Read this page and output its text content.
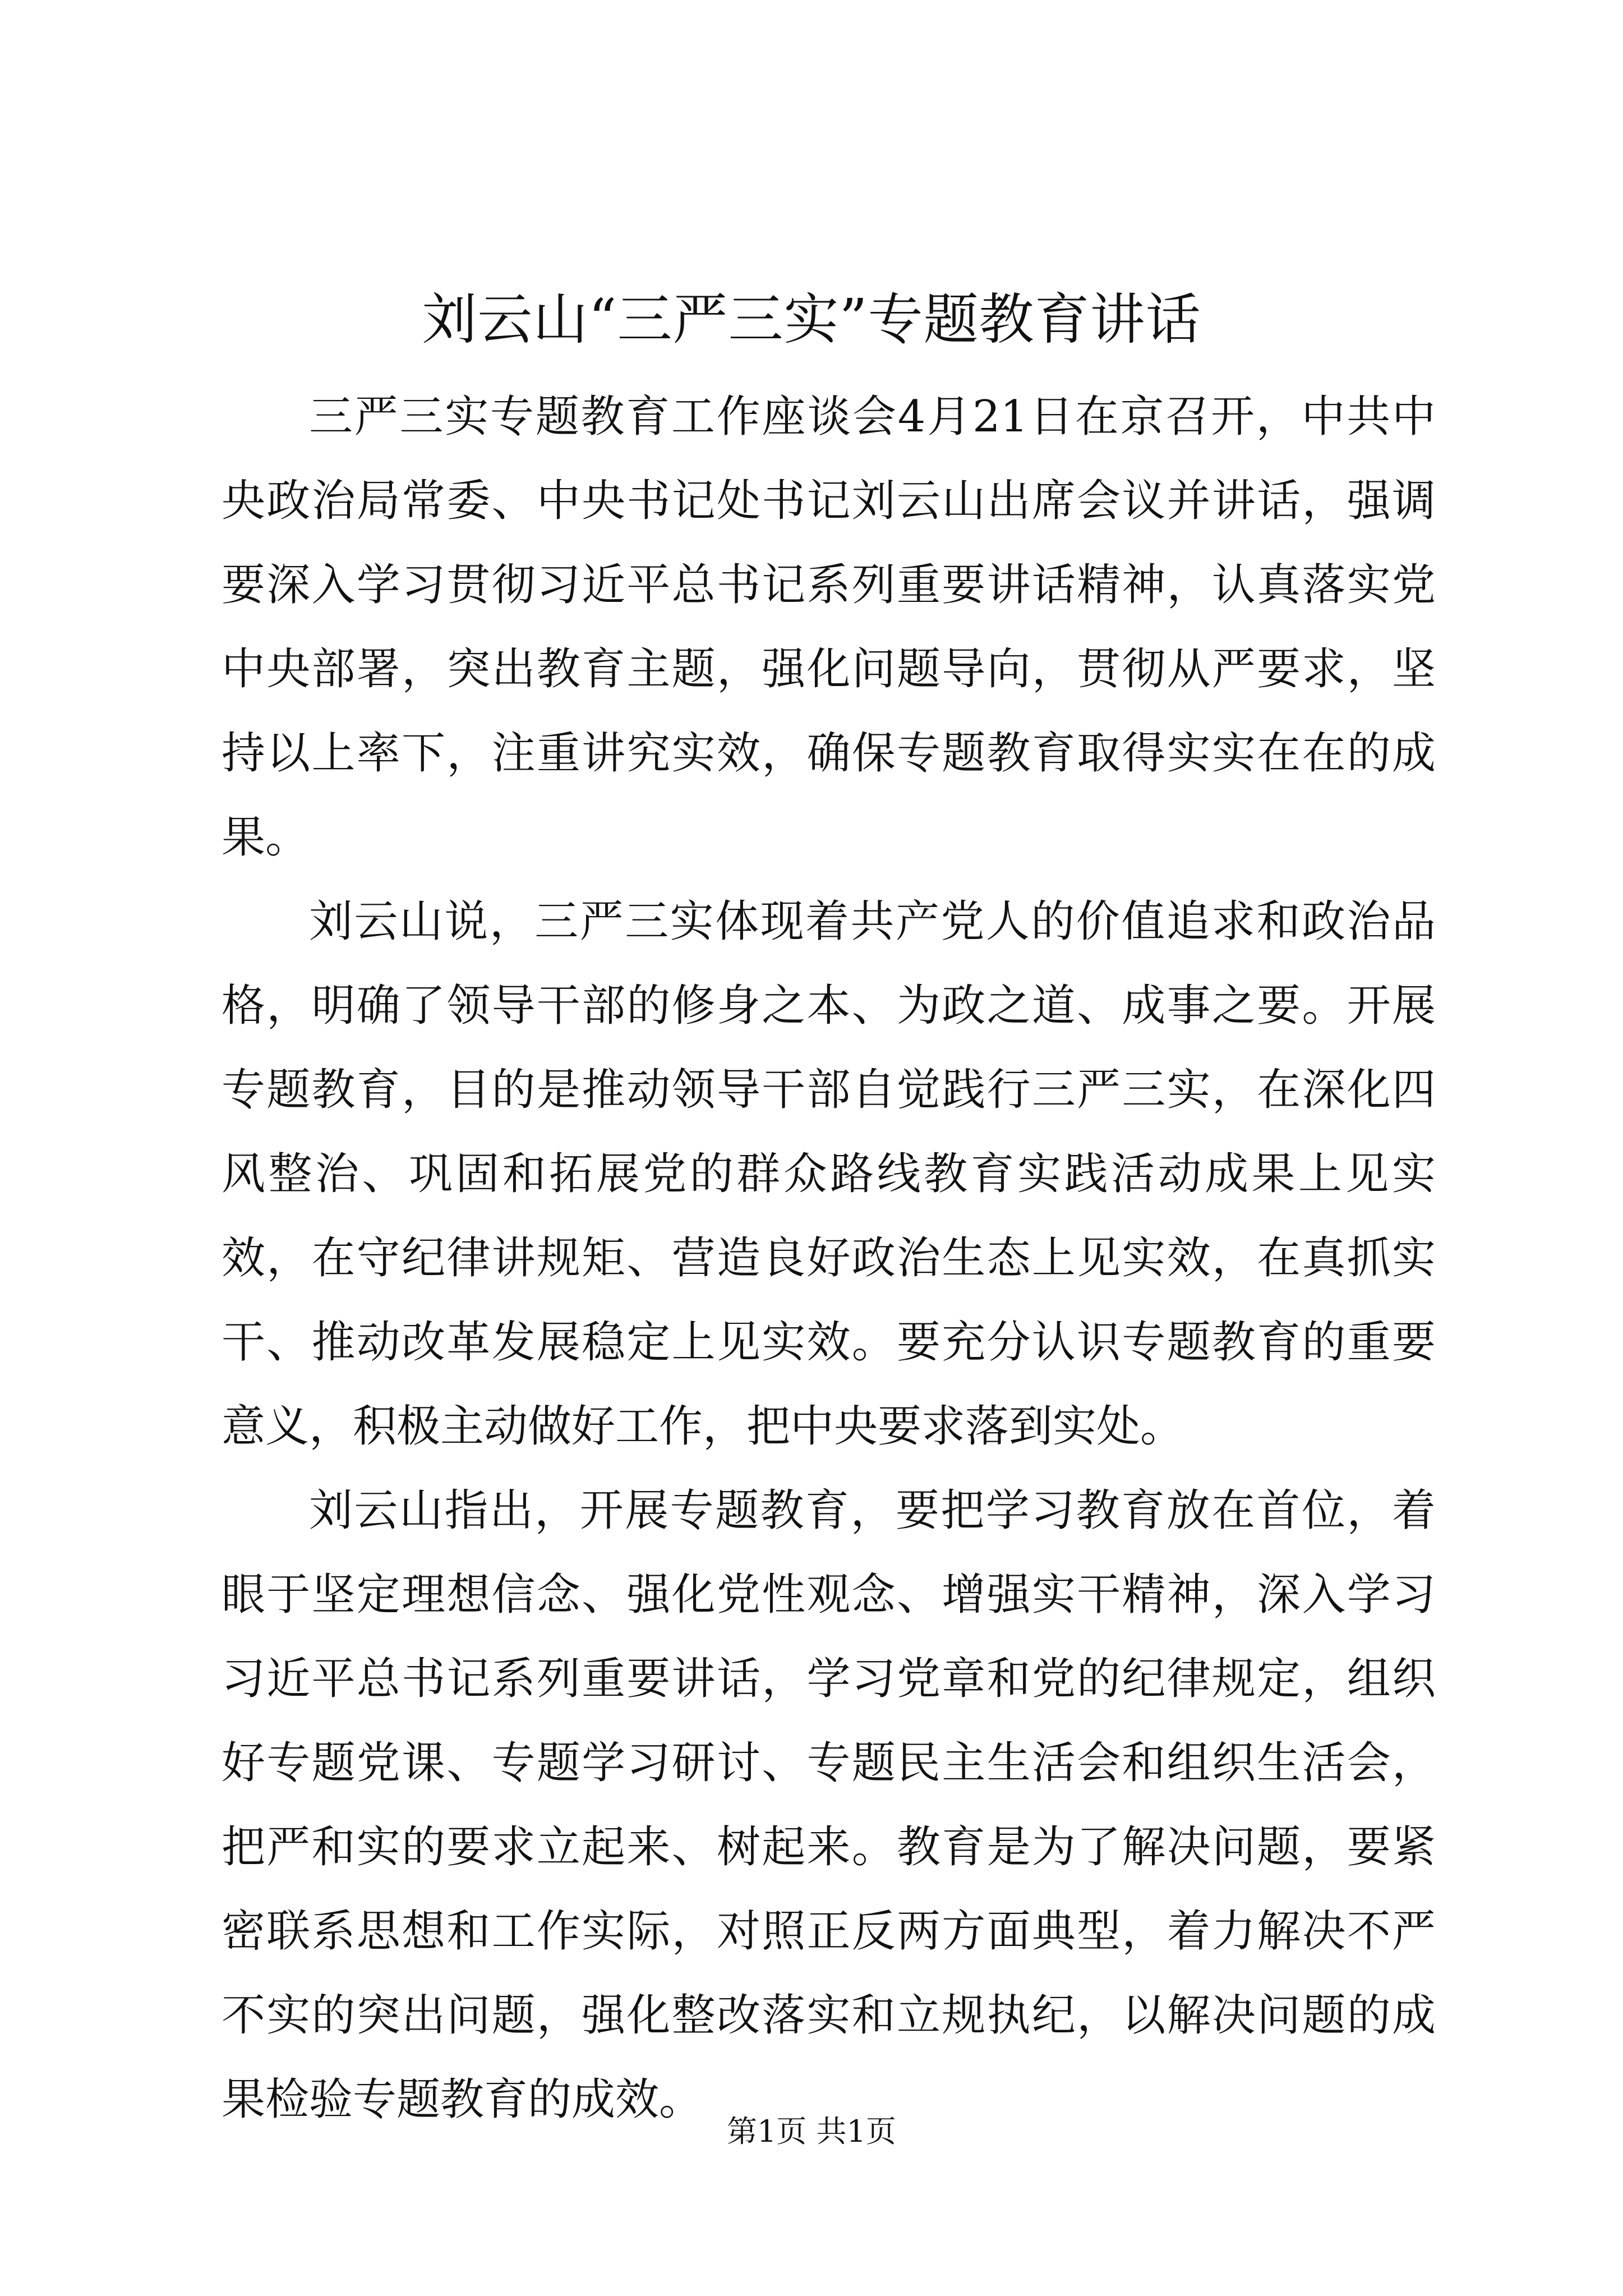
刘云山“三严三实”专题教育讲话

三严三实专题教育工作座谈会4月21日在京召开，中共中央政治局常委、中央书记处书记刘云山出席会议并讲话，强调要深入学习贯彻习近平总书记系列重要讲话精神，认真落实党中央部署，突出教育主题，强化问题导向，贯彻从严要求，坚持以上率下，注重讲究实效，确保专题教育取得实实在在的成果。

刘云山说，三严三实体现着共产党人的价值追求和政治品格，明确了领导干部的修身之本、为政之道、成事之要。开展专题教育，目的是推动领导干部自觉践行三严三实，在深化四风整治、巩固和拓展党的群众路线教育实践活动成果上见实效，在守纪律讲规矩、营造良好政治生态上见实效，在真抓实干、推动改革发展稳定上见实效。要充分认识专题教育的重要意义，积极主动做好工作，把中央要求落到实处。

刘云山指出，开展专题教育，要把学习教育放在首位，着眼于坚定理想信念、强化党性观念、增强实干精神，深入学习习近平总书记系列重要讲话，学习党章和党的纪律规定，组织好专题党课、专题学习研讨、专题民主生活会和组织生活会，把严和实的要求立起来、树起来。教育是为了解决问题，要紧密联系思想和工作实际，对照正反两方面典型，着力解决不严不实的突出问题，强化整改落实和立规执纪，以解决问题的成果检验专题教育的成效。

第1页 共1页
